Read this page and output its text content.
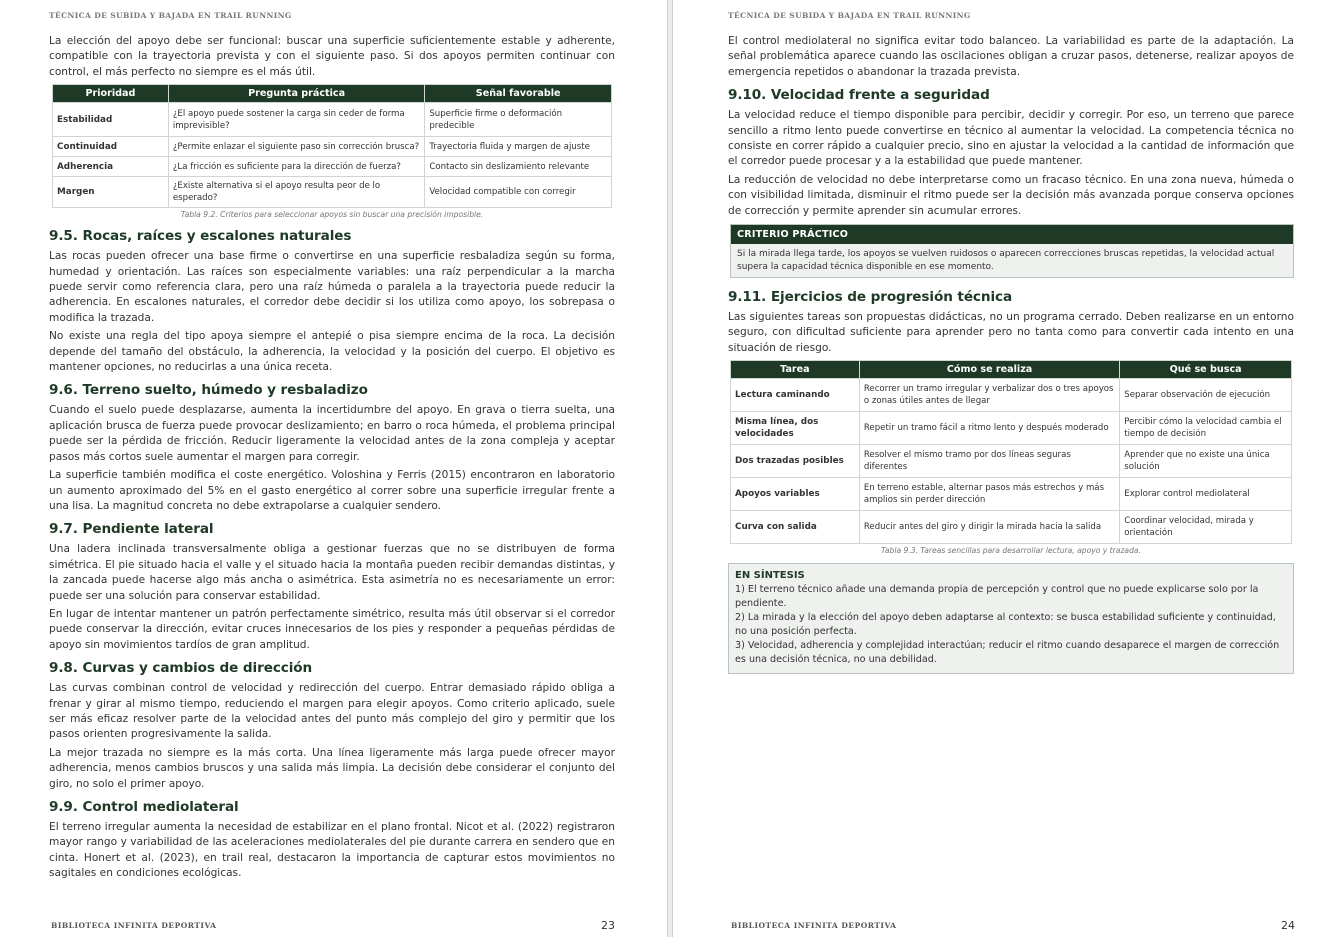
TÉCNICA DE SUBIDA Y BAJADA EN TRAIL RUNNING

La elección del apoyo debe ser funcional: buscar una superficie suficientemente estable y adherente, compatible con la trayectoria prevista y con el siguiente paso. Si dos apoyos permiten continuar con control, el más perfecto no siempre es el más útil.

Prioridad	Pregunta práctica	Señal favorable
Estabilidad	¿El apoyo puede sostener la carga sin ceder de forma imprevisible?	Superficie firme o deformación predecible
Continuidad	¿Permite enlazar el siguiente paso sin corrección brusca?	Trayectoria fluida y margen de ajuste
Adherencia	¿La fricción es suficiente para la dirección de fuerza?	Contacto sin deslizamiento relevante
Margen	¿Existe alternativa si el apoyo resulta peor de lo esperado?	Velocidad compatible con corregir
Tabla 9.2. Criterios para seleccionar apoyos sin buscar una precisión imposible.
9.5. Rocas, raíces y escalones naturales

Las rocas pueden ofrecer una base firme o convertirse en una superficie resbaladiza según su forma, humedad y orientación. Las raíces son especialmente variables: una raíz perpendicular a la marcha puede servir como referencia clara, pero una raíz húmeda o paralela a la trayectoria puede reducir la adherencia. En escalones naturales, el corredor debe decidir si los utiliza como apoyo, los sobrepasa o modifica la trazada.

No existe una regla del tipo apoya siempre el antepié o pisa siempre encima de la roca. La decisión depende del tamaño del obstáculo, la adherencia, la velocidad y la posición del cuerpo. El objetivo es mantener opciones, no reducirlas a una única receta.

9.6. Terreno suelto, húmedo y resbaladizo

Cuando el suelo puede desplazarse, aumenta la incertidumbre del apoyo. En grava o tierra suelta, una aplicación brusca de fuerza puede provocar deslizamiento; en barro o roca húmeda, el problema principal puede ser la pérdida de fricción. Reducir ligeramente la velocidad antes de la zona compleja y aceptar pasos más cortos suele aumentar el margen para corregir.

La superficie también modifica el coste energético. Voloshina y Ferris (2015) encontraron en laboratorio un aumento aproximado del 5% en el gasto energético al correr sobre una superficie irregular frente a una lisa. La magnitud concreta no debe extrapolarse a cualquier sendero.

9.7. Pendiente lateral

Una ladera inclinada transversalmente obliga a gestionar fuerzas que no se distribuyen de forma simétrica. El pie situado hacia el valle y el situado hacia la montaña pueden recibir demandas distintas, y la zancada puede hacerse algo más ancha o asimétrica. Esta asimetría no es necesariamente un error: puede ser una solución para conservar estabilidad.

En lugar de intentar mantener un patrón perfectamente simétrico, resulta más útil observar si el corredor puede conservar la dirección, evitar cruces innecesarios de los pies y responder a pequeñas pérdidas de apoyo sin movimientos tardíos de gran amplitud.

9.8. Curvas y cambios de dirección

Las curvas combinan control de velocidad y redirección del cuerpo. Entrar demasiado rápido obliga a frenar y girar al mismo tiempo, reduciendo el margen para elegir apoyos. Como criterio aplicado, suele ser más eficaz resolver parte de la velocidad antes del punto más complejo del giro y permitir que los pasos orienten progresivamente la salida.

La mejor trazada no siempre es la más corta. Una línea ligeramente más larga puede ofrecer mayor adherencia, menos cambios bruscos y una salida más limpia. La decisión debe considerar el conjunto del giro, no solo el primer apoyo.

9.9. Control mediolateral

El terreno irregular aumenta la necesidad de estabilizar en el plano frontal. Nicot et al. (2022) registraron mayor rango y variabilidad de las aceleraciones mediolaterales del pie durante carrera en sendero que en cinta. Honert et al. (2023), en trail real, destacaron la importancia de capturar estos movimientos no sagitales en condiciones ecológicas.

BIBLIOTECA INFINITA DEPORTIVA	23
TÉCNICA DE SUBIDA Y BAJADA EN TRAIL RUNNING

El control mediolateral no significa evitar todo balanceo. La variabilidad es parte de la adaptación. La señal problemática aparece cuando las oscilaciones obligan a cruzar pasos, detenerse, realizar apoyos de emergencia repetidos o abandonar la trazada prevista.

9.10. Velocidad frente a seguridad

La velocidad reduce el tiempo disponible para percibir, decidir y corregir. Por eso, un terreno que parece sencillo a ritmo lento puede convertirse en técnico al aumentar la velocidad. La competencia técnica no consiste en correr rápido a cualquier precio, sino en ajustar la velocidad a la cantidad de información que el corredor puede procesar y a la estabilidad que puede mantener.

La reducción de velocidad no debe interpretarse como un fracaso técnico. En una zona nueva, húmeda o con visibilidad limitada, disminuir el ritmo puede ser la decisión más avanzada porque conserva opciones de corrección y permite aprender sin acumular errores.

CRITERIO PRÁCTICO
Si la mirada llega tarde, los apoyos se vuelven ruidosos o aparecen correcciones bruscas repetidas, la velocidad actual supera la capacidad técnica disponible en ese momento.
9.11. Ejercicios de progresión técnica

Las siguientes tareas son propuestas didácticas, no un programa cerrado. Deben realizarse en un entorno seguro, con dificultad suficiente para aprender pero no tanta como para convertir cada intento en una situación de riesgo.

Tarea	Cómo se realiza	Qué se busca
Lectura caminando	Recorrer un tramo irregular y verbalizar dos o tres apoyos o zonas útiles antes de llegar	Separar observación de ejecución
Misma línea, dos velocidades	Repetir un tramo fácil a ritmo lento y después moderado	Percibir cómo la velocidad cambia el tiempo de decisión
Dos trazadas posibles	Resolver el mismo tramo por dos líneas seguras diferentes	Aprender que no existe una única solución
Apoyos variables	En terreno estable, alternar pasos más estrechos y más amplios sin perder dirección	Explorar control mediolateral
Curva con salida	Reducir antes del giro y dirigir la mirada hacia la salida	Coordinar velocidad, mirada y orientación
Tabla 9.3. Tareas sencillas para desarrollar lectura, apoyo y trazada.
EN SÍNTESIS
1) El terreno técnico añade una demanda propia de percepción y control que no puede explicarse solo por la pendiente.
2) La mirada y la elección del apoyo deben adaptarse al contexto: se busca estabilidad suficiente y continuidad, no una posición perfecta.
3) Velocidad, adherencia y complejidad interactúan; reducir el ritmo cuando desaparece el margen de corrección es una decisión técnica, no una debilidad.
BIBLIOTECA INFINITA DEPORTIVA	24
